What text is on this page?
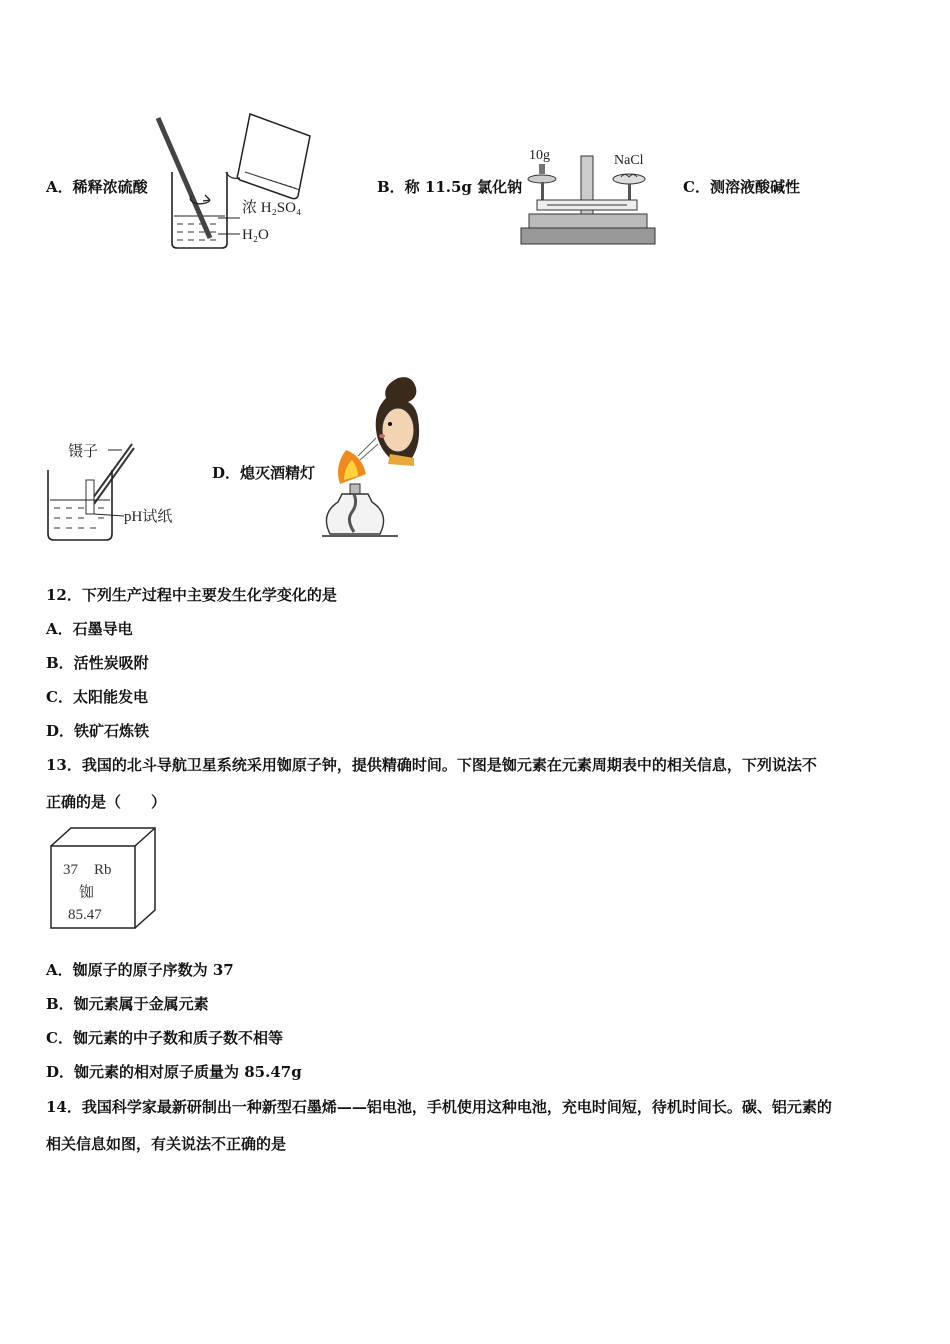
A．稀释浓硫酸
浓 H₂SO₄
H₂O
B．称 11.5g 氯化钠
10g	NaCl
C．测溶液酸碱性
镊子
pH试纸
D．熄灭酒精灯
12．下列生产过程中主要发生化学变化的是
A．石墨导电
B．活性炭吸附
C．太阳能发电
D．铁矿石炼铁
13．我国的北斗导航卫星系统采用铷原子钟，提供精确时间。下图是铷元素在元素周期表中的相关信息，下列说法不
正确的是（　　）
37 Rb
铷
85.47
A．铷原子的原子序数为 37
B．铷元素属于金属元素
C．铷元素的中子数和质子数不相等
D．铷元素的相对原子质量为 85.47g
14．我国科学家最新研制出一种新型石墨烯——铝电池，手机使用这种电池，充电时间短，待机时间长。碳、铝元素的
相关信息如图，有关说法不正确的是
